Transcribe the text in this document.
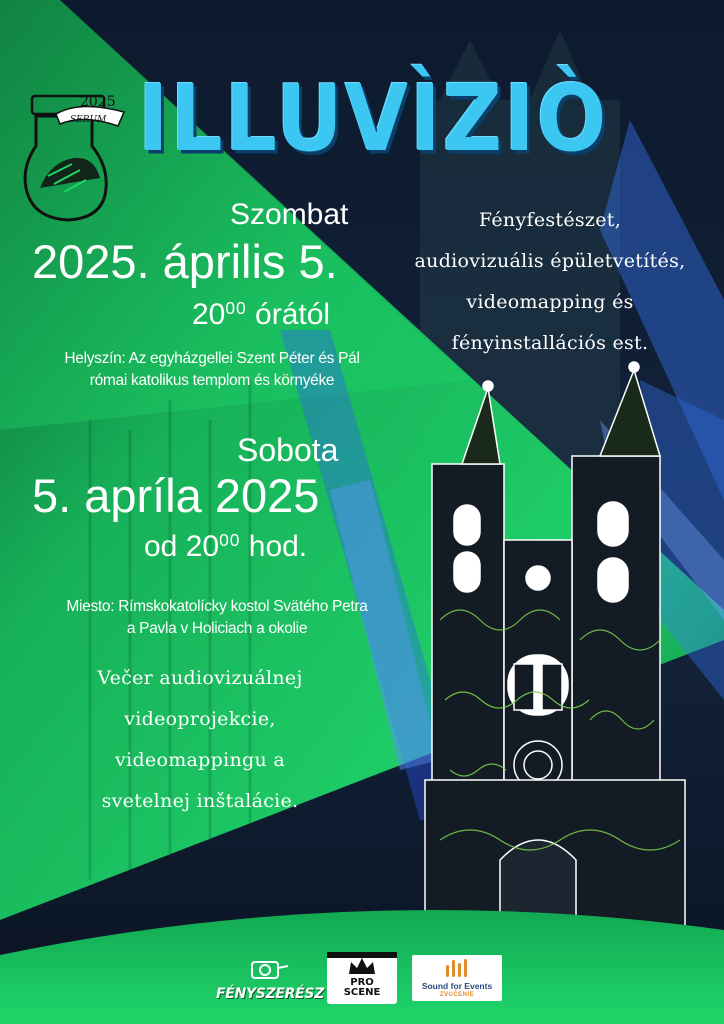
2025
SERUM ILLUVÌZIÒ
Szombat
2025. április 5.
$20^{00}$ órától
Helyszín: Az egyházgellei Szent Péter és Pál
római katolikus templom és környéke
Fényfestészet,
audiovizuális épületvetítés,
videomapping és
fényinstallációs est.
Sobota
5. apríla 2025
od $20^{00}$ hod.
Miesto: Rímskokatolícky kostol Svätého Petra
a Pavla v Holiciach a okolie
Večer audiovizuálnej
videoprojekcie,
videomappingu a
svetelnej inštalácie.
FÉNYSZERÉSZ
PRO
SCENE
Sound for Events
ZVUČENIE
